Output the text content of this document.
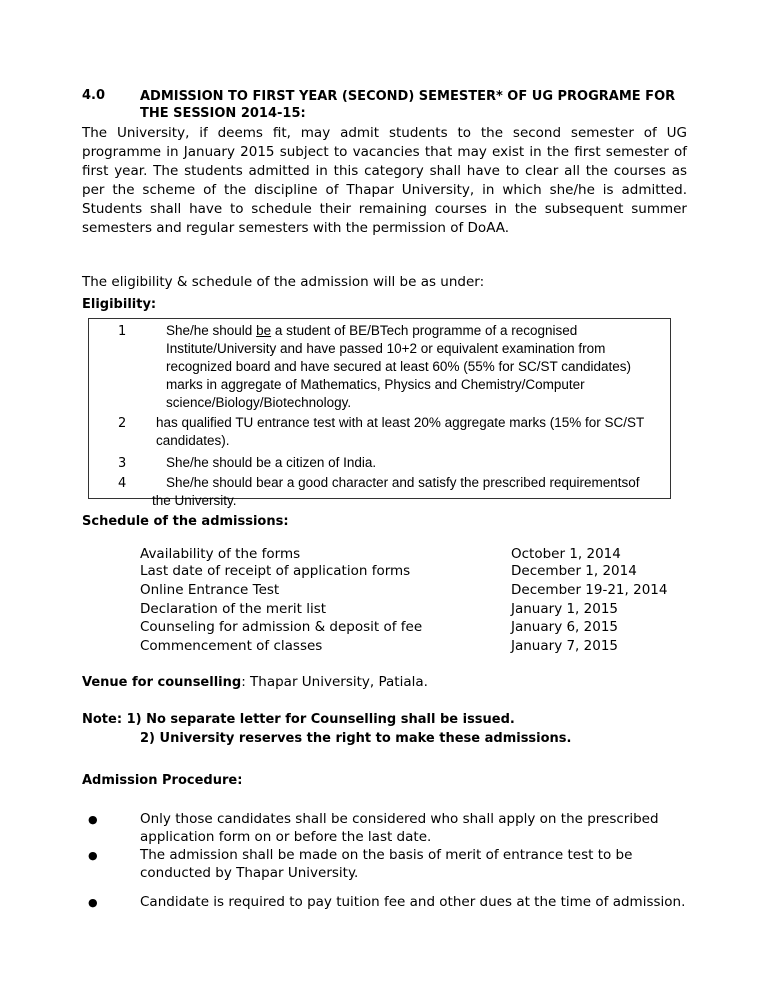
4.0	ADMISSION TO FIRST YEAR (SECOND) SEMESTER* OF UG PROGRAME FOR THE SESSION 2014-15:
The University, if deems fit, may admit students to the second semester of UG programme in January 2015 subject to vacancies that may exist in the first semester of first year. The students admitted in this category shall have to clear all the courses as per the scheme of the discipline of Thapar University, in which she/he is admitted. Students shall have to schedule their remaining courses in the subsequent summer semesters and regular semesters with the permission of DoAA.
The eligibility & schedule of the admission will be as under:
Eligibility:
1	She/he should be a student of BE/BTech programme of a recognised Institute/University and have passed 10+2 or equivalent examination from recognized board and have secured at least 60% (55% for SC/ST candidates) marks in aggregate of Mathematics, Physics and Chemistry/Computer science/Biology/Biotechnology.
2 has qualified TU entrance test with at least 20% aggregate marks (15% for SC/ST candidates).
3	She/he should be a citizen of India.
4	She/he should bear a good character and satisfy the prescribed requirementsof the University.
Schedule of the admissions:
Availability of the forms	October 1, 2014
Last date of receipt of application forms	December 1, 2014
Online Entrance Test	December 19-21, 2014
Declaration of the merit list	January 1, 2015
Counseling for admission & deposit of fee	January 6, 2015
Commencement of classes	January 7, 2015
Venue for counselling: Thapar University, Patiala.
Note: 1) No separate letter for Counselling shall be issued.
2) University reserves the right to make these admissions.
Admission Procedure:
●	Only those candidates shall be considered who shall apply on the prescribed application form on or before the last date.
●	The admission shall be made on the basis of merit of entrance test to be conducted by Thapar University.
●	Candidate is required to pay tuition fee and other dues at the time of admission.
